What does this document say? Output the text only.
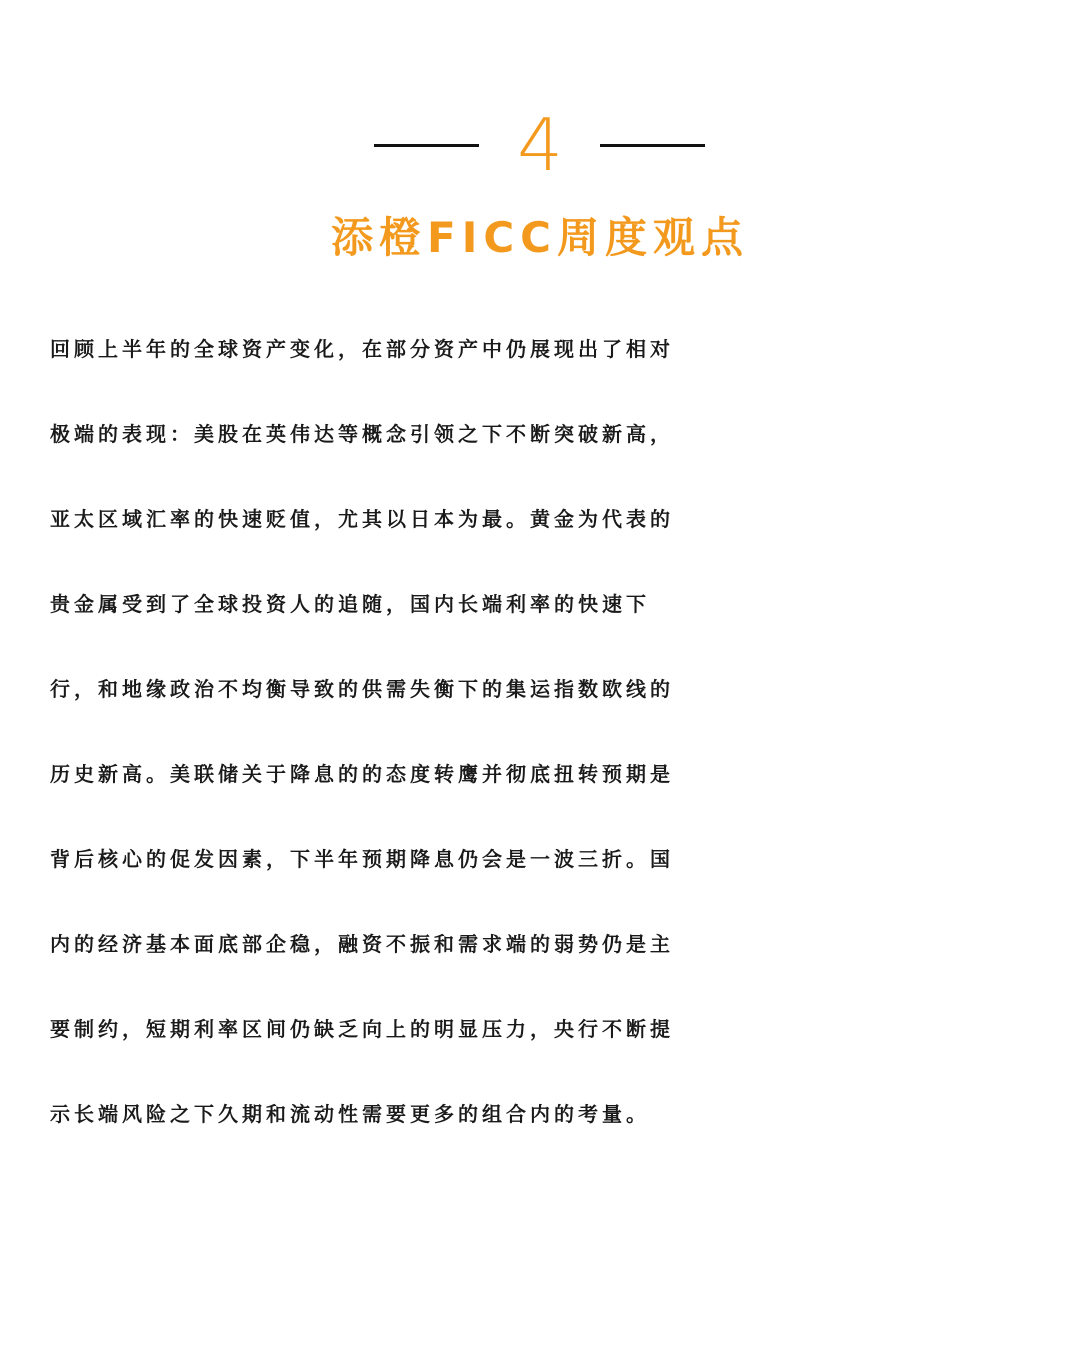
4
添橙FICC周度观点
回顾上半年的全球资产变化，在部分资产中仍展现出了相对
极端的表现：美股在英伟达等概念引领之下不断突破新高，
亚太区域汇率的快速贬值，尤其以日本为最。黄金为代表的
贵金属受到了全球投资人的追随，国内长端利率的快速下
行，和地缘政治不均衡导致的供需失衡下的集运指数欧线的
历史新高。美联储关于降息的的态度转鹰并彻底扭转预期是
背后核心的促发因素，下半年预期降息仍会是一波三折。国
内的经济基本面底部企稳，融资不振和需求端的弱势仍是主
要制约，短期利率区间仍缺乏向上的明显压力，央行不断提
示长端风险之下久期和流动性需要更多的组合内的考量。
